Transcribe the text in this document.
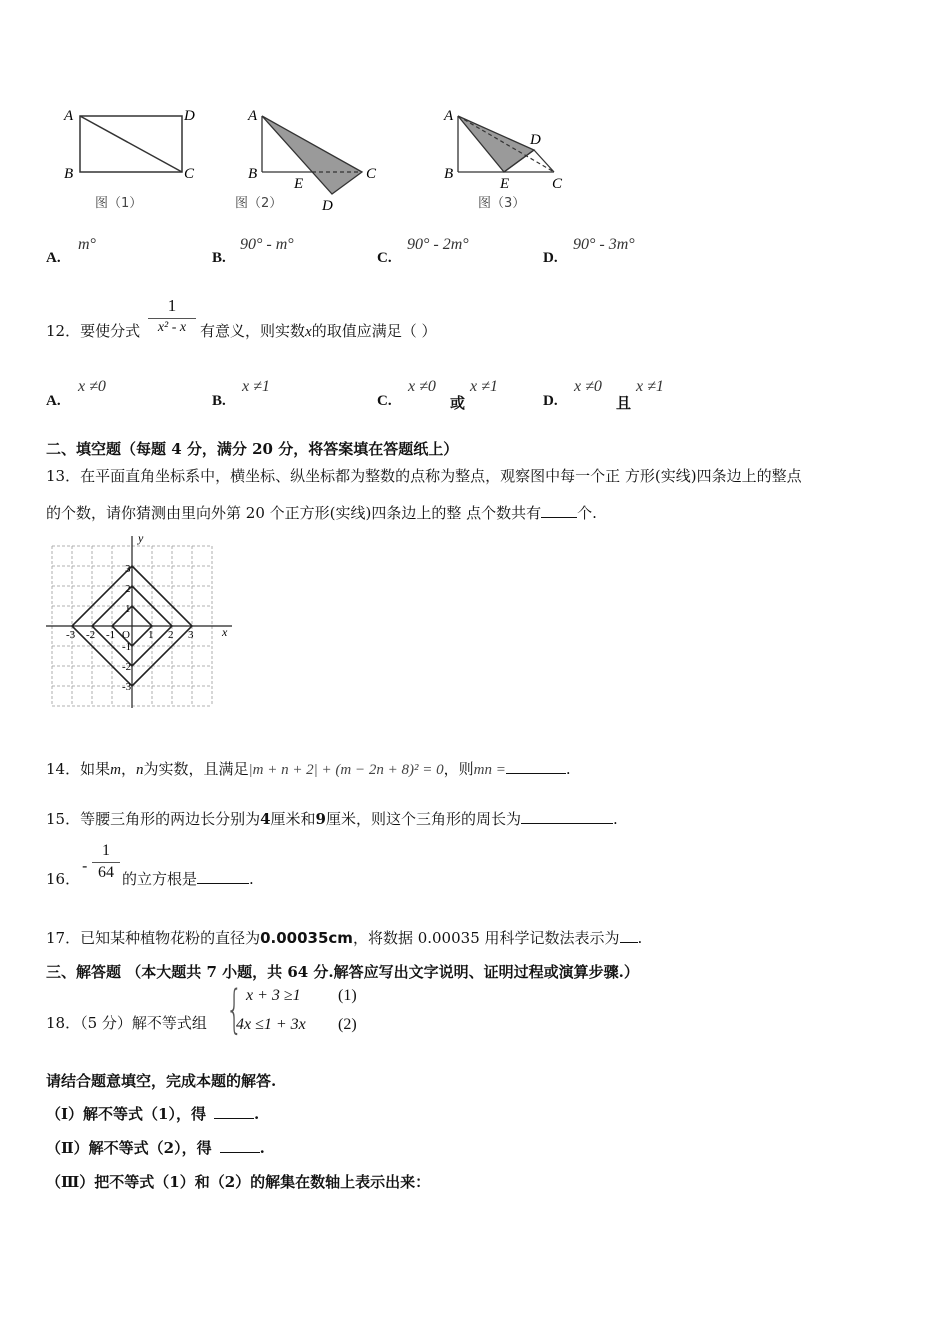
A	D
B	C
图（1）
A
B	C
E
D
图（2）
A
D
B
E	C
图（3）
A.
m°
B.
90° - m°
C.
90° - 2m°
D.
90° - 3m°
12．要使分式
1
x² - x 有意义，则实数x的取值应满足（ ）
A.
x ≠0
B.
x ≠1
C.
x ≠0
或
x ≠1
D.
x ≠0
且
x ≠1
二、填空题（每题 4 分，满分 20 分，将答案填在答题纸上）
13．在平面直角坐标系中，横坐标、纵坐标都为整数的点称为整点，观察图中每一个正 方形(实线)四条边上的整点
的个数，请你猜测由里向外第 20 个正方形(实线)四条边上的整 点个数共有 个.
x
y
O
-3 -2 -1	1 2 3
3
2
1
-1
-2
-3
14．如果m，n为实数，且满足|m + n + 2| + (m − 2n + 8)² = 0，则mn =	.
15．等腰三角形的两边长分别为4厘米和9厘米，则这个三角形的周长为	.
16．
- $\frac{1}{64}$ 的立方根是	.
17．已知某种植物花粉的直径为0.00035cm，将数据 0.00035 用科学记数法表示为 .
三、解答题 （本大题共 7 小题，共 64 分.解答应写出文字说明、证明过程或演算步骤.）
18．（5 分）解不等式组 { x + 3 ≥1 (1)
4x ≤1 + 3x (2)
请结合题意填空，完成本题的解答.
（Ⅰ）解不等式（1），得	.
（Ⅱ）解不等式（2），得	.
（Ⅲ）把不等式（1）和（2）的解集在数轴上表示出来：
